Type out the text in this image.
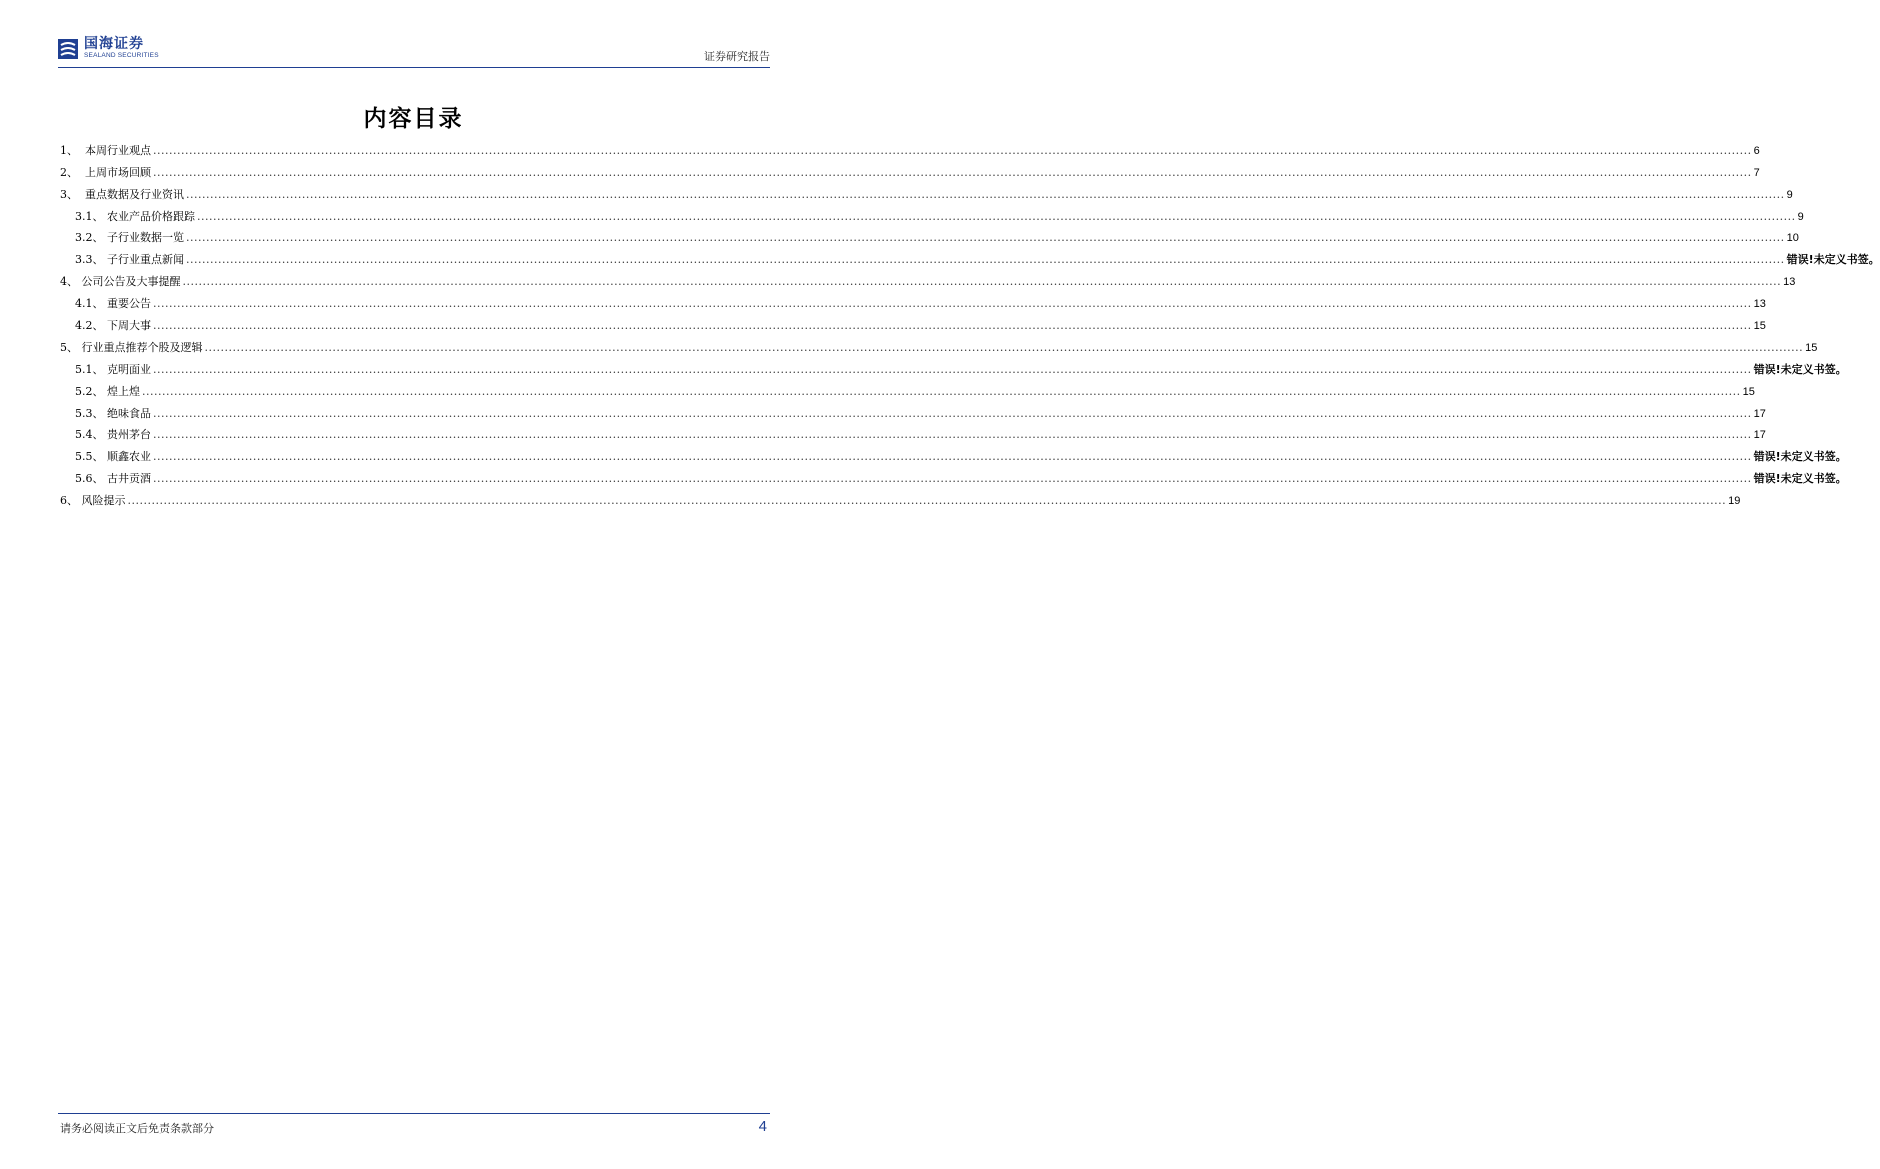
国海证券
SEALAND SECURITIES	证券研究报告
内容目录
1、  本周行业观点 ................................................................................................................................................................................................................................................................................................................................................................................................................ 6
2、  上周市场回顾 ................................................................................................................................................................................................................................................................................................................................................................................................................ 7
3、  重点数据及行业资讯 ................................................................................................................................................................................................................................................................................................................................................................................................................ 9
3.1、 农业产品价格跟踪 ................................................................................................................................................................................................................................................................................................................................................................................................................ 9
3.2、 子行业数据一览 ................................................................................................................................................................................................................................................................................................................................................................................................................ 10
3.3、 子行业重点新闻 ................................................................................................................................................................................................................................................................................................................................................................................................................ 错误!未定义书签。
4、 公司公告及大事提醒 ................................................................................................................................................................................................................................................................................................................................................................................................................ 13
4.1、 重要公告 ................................................................................................................................................................................................................................................................................................................................................................................................................ 13
4.2、 下周大事 ................................................................................................................................................................................................................................................................................................................................................................................................................ 15
5、 行业重点推荐个股及逻辑 ................................................................................................................................................................................................................................................................................................................................................................................................................ 15
5.1、 克明面业 ................................................................................................................................................................................................................................................................................................................................................................................................................ 错误!未定义书签。
5.2、 煌上煌 ................................................................................................................................................................................................................................................................................................................................................................................................................ 15
5.3、 绝味食品 ................................................................................................................................................................................................................................................................................................................................................................................................................ 17
5.4、 贵州茅台 ................................................................................................................................................................................................................................................................................................................................................................................................................ 17
5.5、 顺鑫农业 ................................................................................................................................................................................................................................................................................................................................................................................................................ 错误!未定义书签。
5.6、 古井贡酒 ................................................................................................................................................................................................................................................................................................................................................................................................................ 错误!未定义书签。
6、 风险提示 ................................................................................................................................................................................................................................................................................................................................................................................................................ 19
请务必阅读正文后免责条款部分	4
